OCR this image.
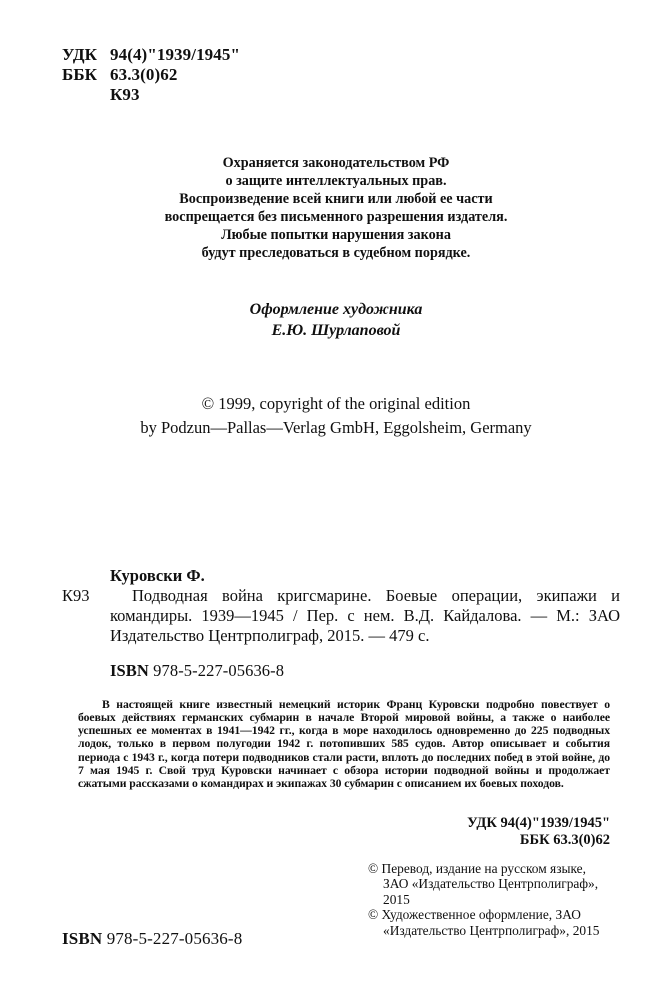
УДК 94(4)"1939/1945"
ББК 63.3(0)62
К93
Охраняется законодательством РФ
о защите интеллектуальных прав.
Воспроизведение всей книги или любой ее части
воспрещается без письменного разрешения издателя.
Любые попытки нарушения закона
будут преследоваться в судебном порядке.
Оформление художника
Е.Ю. Шурлаповой
© 1999, copyright of the original edition
by Podzun—Pallas—Verlag GmbH, Eggolsheim, Germany
Куровски Ф.
К93	Подводная война кригсмарине. Боевые операции, экипажи и командиры. 1939—1945 / Пер. с нем. В.Д. Кайдалова. — М.: ЗАО Издательство Центрполиграф, 2015. — 479 с.
ISBN 978-5-227-05636-8

В настоящей книге известный немецкий историк Франц Куровски подробно повествует о боевых действиях германских субмарин в начале Второй мировой войны, а также о наиболее успешных ее моментах в 1941—1942 гг., когда в море находилось одновременно до 225 подводных лодок, только в первом полугодии 1942 г. потопивших 585 судов. Автор описывает и события периода с 1943 г., когда потери подводников стали расти, вплоть до последних побед в этой войне, до 7 мая 1945 г. Свой труд Куровски начинает с обзора истории подводной войны и продолжает сжатыми рассказами о командирах и экипажах 30 субмарин с описанием их боевых походов.

УДК 94(4)"1939/1945"
ББК 63.3(0)62
© Перевод, издание на русском языке, ЗАО «Издательство Центрполиграф», 2015
© Художественное оформление, ЗАО «Издательство Центрполиграф», 2015
ISBN 978-5-227-05636-8
